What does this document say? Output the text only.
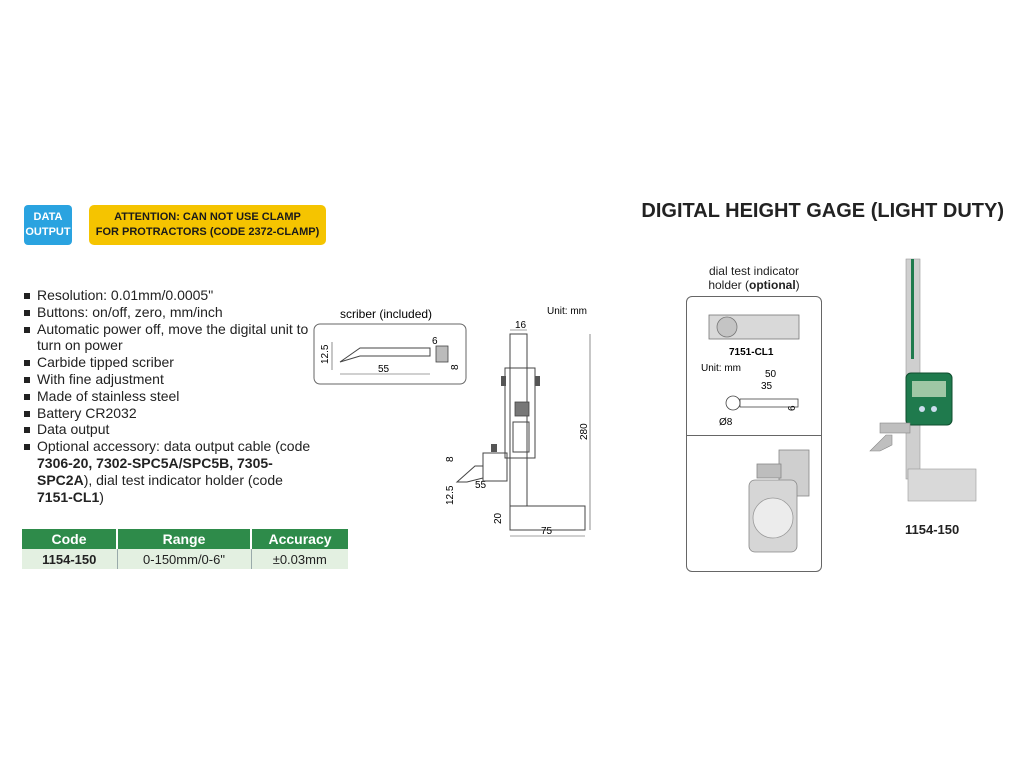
DATA
OUTPUT
ATTENTION: CAN NOT USE CLAMP
FOR PROTRACTORS (CODE 2372-CLAMP)
DIGITAL HEIGHT GAGE (LIGHT DUTY)
Resolution: 0.01mm/0.0005"
Buttons: on/off, zero, mm/inch
Automatic power off, move the digital unit to turn on power
Carbide tipped scriber
With fine adjustment
Made of stainless steel
Battery CR2032
Data output
Optional accessory: data output cable (code 7306-20, 7302-SPC5A/SPC5B, 7305-SPC2A), dial test indicator holder (code 7151-CL1)
Code	Range	Accuracy
1154-150	0-150mm/0-6"	±0.03mm
scriber (included)
12.5
55
6
8
Unit: mm
16
280
8
12.5
55
20
75
dial test indicator
holder (optional)
7151-CL1
Unit: mm
50
35
6
Ø8
1154-150
